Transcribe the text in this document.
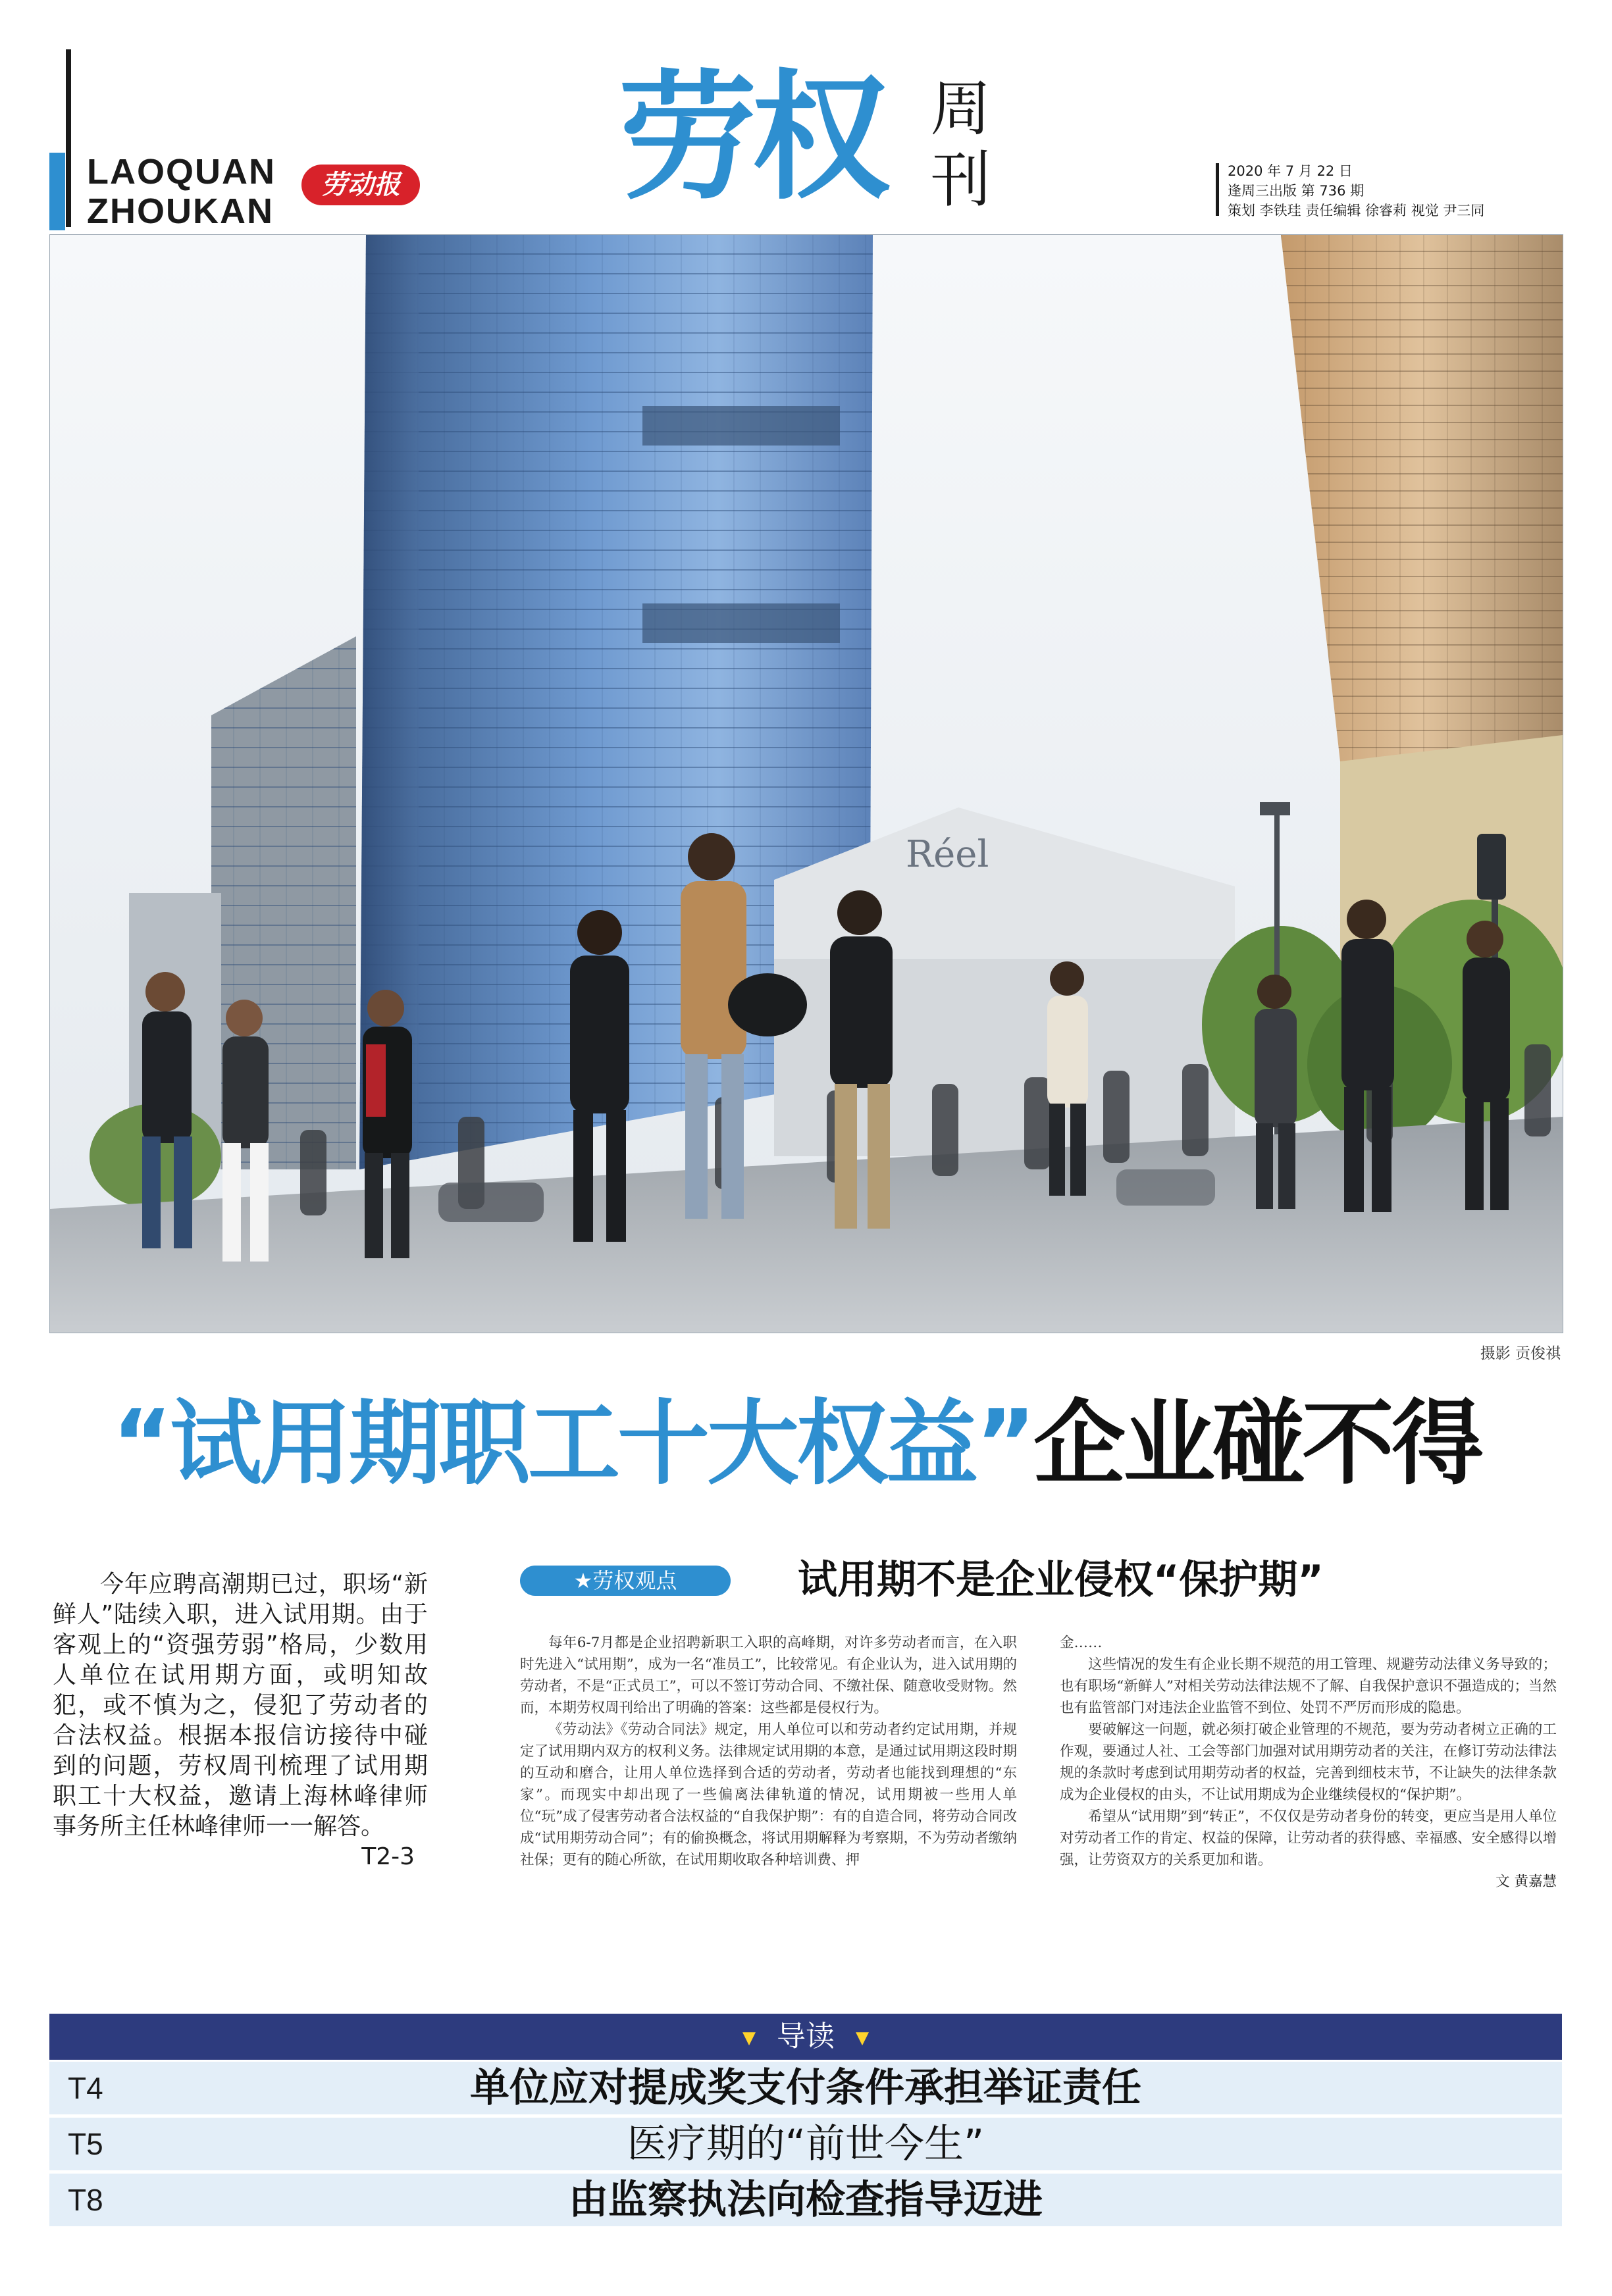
LAOQUAN
ZHOUKAN
劳动报 劳权 周刊	2020 年 7 月 22 日
逢周三出版 第 736 期
策划 李铁珪 责任编辑 徐睿莉 视觉 尹三同
Réel
摄影 贡俊祺
“试用期职工十大权益”企业碰不得

今年应聘高潮期已过，职场“新鲜人”陆续入职，进入试用期。由于客观上的“资强劳弱”格局，少数用人单位在试用期方面，或明知故犯，或不慎为之，侵犯了劳动者的合法权益。根据本报信访接待中碰到的问题，劳权周刊梳理了试用期职工十大权益，邀请上海林峰律师事务所主任林峰律师一一解答。
T2-3

★劳权观点	试用期不是企业侵权“保护期”

每年6-7月都是企业招聘新职工入职的高峰期，对许多劳动者而言，在入职时先进入“试用期”，成为一名“准员工”，比较常见。有企业认为，进入试用期的劳动者，不是“正式员工”，可以不签订劳动合同、不缴社保、随意收受财物。然而，本期劳权周刊给出了明确的答案：这些都是侵权行为。

《劳动法》《劳动合同法》规定，用人单位可以和劳动者约定试用期，并规定了试用期内双方的权利义务。法律规定试用期的本意，是通过试用期这段时期的互动和磨合，让用人单位选择到合适的劳动者，劳动者也能找到理想的“东家”。而现实中却出现了一些偏离法律轨道的情况，试用期被一些用人单位“玩”成了侵害劳动者合法权益的“自我保护期”：有的自造合同，将劳动合同改成“试用期劳动合同”；有的偷换概念，将试用期解释为考察期，不为劳动者缴纳社保；更有的随心所欲，在试用期收取各种培训费、押

金……

这些情况的发生有企业长期不规范的用工管理、规避劳动法律义务导致的；也有职场“新鲜人”对相关劳动法律法规不了解、自我保护意识不强造成的；当然也有监管部门对违法企业监管不到位、处罚不严厉而形成的隐患。

要破解这一问题，就必须打破企业管理的不规范，要为劳动者树立正确的工作观，要通过人社、工会等部门加强对试用期劳动者的关注，在修订劳动法律法规的条款时考虑到试用期劳动者的权益，完善到细枝末节，不让缺失的法律条款成为企业侵权的由头，不让试用期成为企业继续侵权的“保护期”。

希望从“试用期”到“转正”，不仅仅是劳动者身份的转变，更应当是用人单位对劳动者工作的肯定、权益的保障，让劳动者的获得感、幸福感、安全感得以增强，让劳资双方的关系更加和谐。

文 黄嘉慧
▼ 导读 ▼
T4	单位应对提成奖支付条件承担举证责任
T5	医疗期的“前世今生”
T8	由监察执法向检查指导迈进
